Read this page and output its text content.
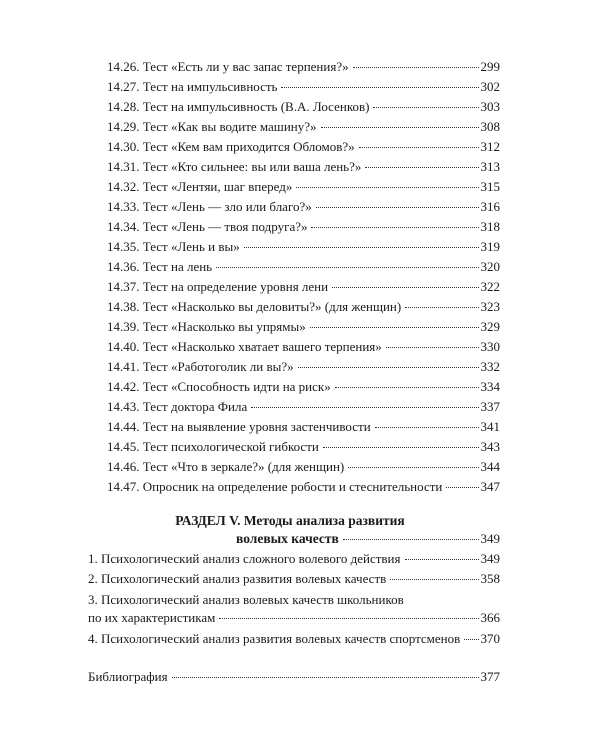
14.26. Тест «Есть ли у вас запас терпения?»	299
14.27. Тест на импульсивность	302
14.28. Тест на импульсивность (В.А. Лосенков)	303
14.29. Тест «Как вы водите машину?»	308
14.30. Тест «Кем вам приходится Обломов?»	312
14.31. Тест «Кто сильнее: вы или ваша лень?»	313
14.32. Тест «Лентяи, шаг вперед»	315
14.33. Тест «Лень — зло или благо?»	316
14.34. Тест «Лень — твоя подруга?»	318
14.35. Тест «Лень и вы»	319
14.36. Тест на лень	320
14.37. Тест на определение уровня лени	322
14.38. Тест «Насколько вы деловиты?» (для женщин)	323
14.39. Тест «Насколько вы упрямы»	329
14.40. Тест «Насколько хватает вашего терпения»	330
14.41. Тест «Работоголик ли вы?»	332
14.42. Тест «Способность идти на риск»	334
14.43. Тест доктора Фила	337
14.44. Тест на выявление уровня застенчивости	341
14.45. Тест психологической гибкости	343
14.46. Тест «Что в зеркале?» (для женщин)	344
14.47. Опросник на определение робости и стеснительности	347
РАЗДЕЛ V. Методы анализа развития
волевых качеств	349
1. Психологический анализ сложного волевого действия	349
2. Психологический анализ развития волевых качеств	358
3. Психологический анализ волевых качеств школьников
по их характеристикам	366
4. Психологический анализ развития волевых качеств спортсменов 370
Библиография	377
